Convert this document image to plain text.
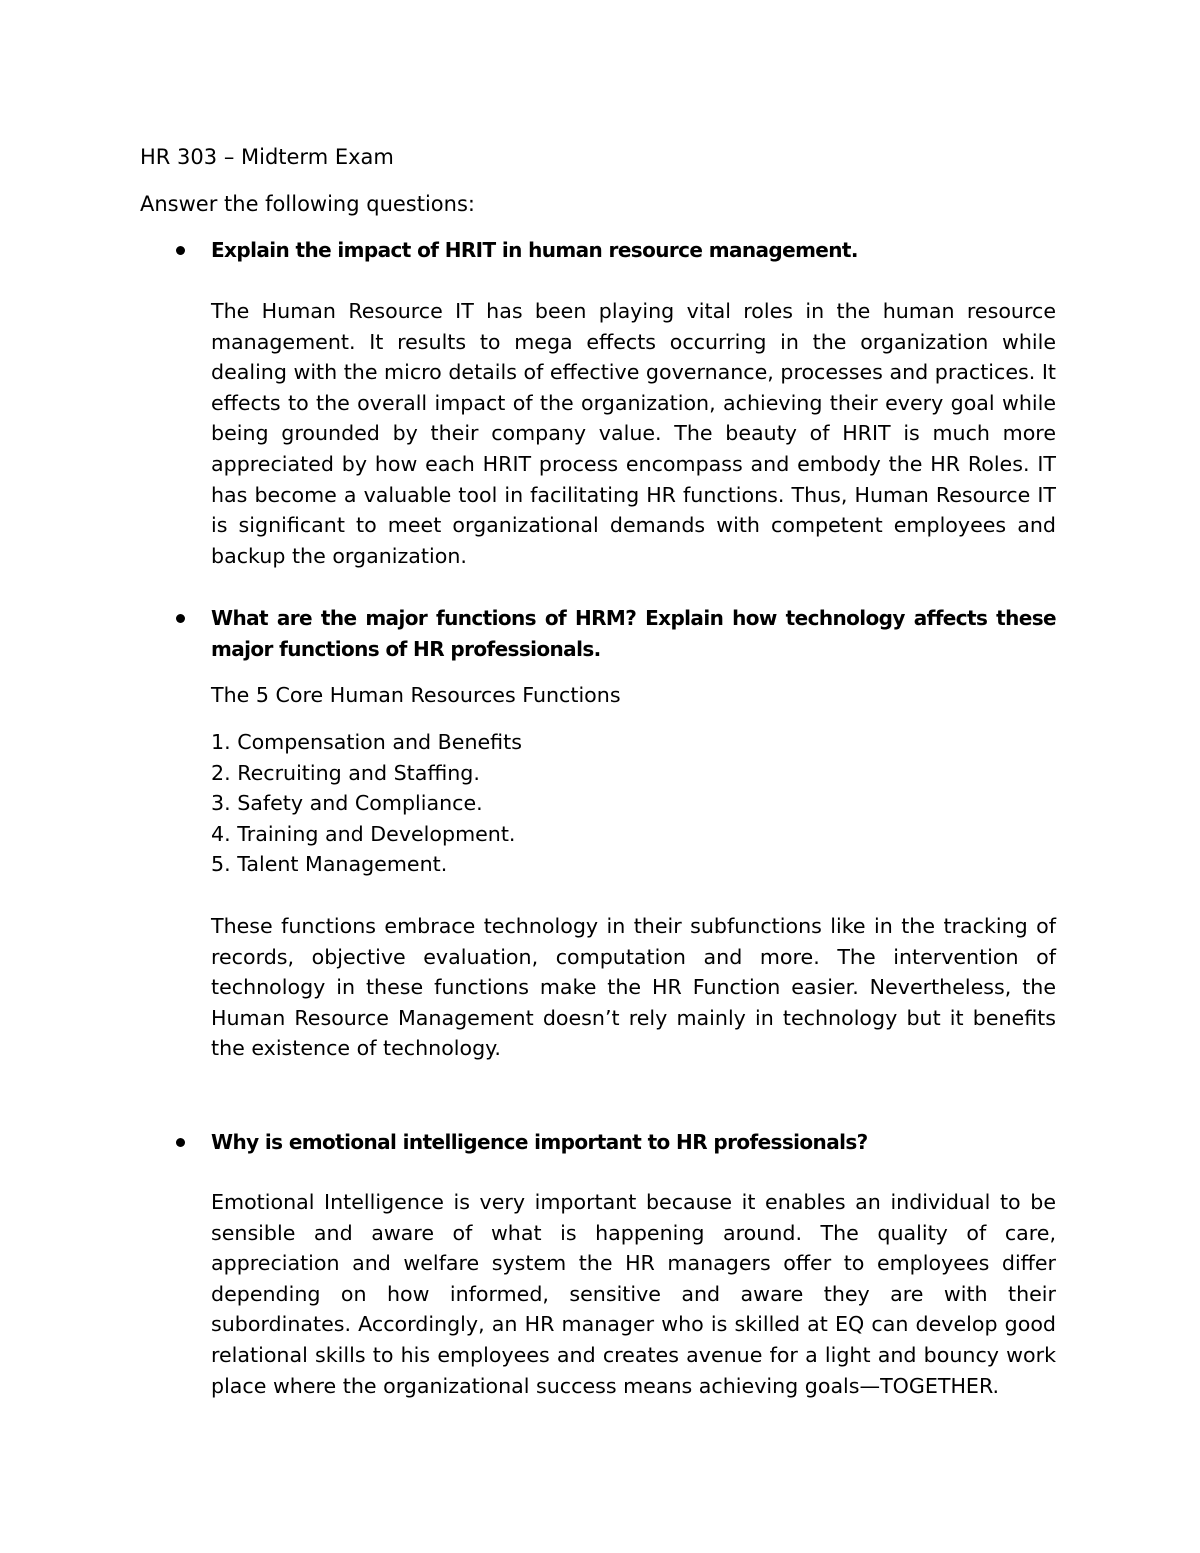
HR 303 – Midterm Exam
Answer the following questions:
Explain the impact of HRIT in human resource management.
The Human Resource IT has been playing vital roles in the human resource management. It results to mega effects occurring in the organization while dealing with the micro details of effective governance, processes and practices. It effects to the overall impact of the organization, achieving their every goal while being grounded by their company value. The beauty of HRIT is much more appreciated by how each HRIT process encompass and embody the HR Roles. IT has become a valuable tool in facilitating HR functions. Thus, Human Resource IT is significant to meet organizational demands with competent employees and backup the organization.
What are the major functions of HRM? Explain how technology affects these major functions of HR professionals.
The 5 Core Human Resources Functions
1. Compensation and Benefits
2. Recruiting and Staffing.
3. Safety and Compliance.
4. Training and Development.
5. Talent Management.
These functions embrace technology in their subfunctions like in the tracking of records, objective evaluation, computation and more. The intervention of technology in these functions make the HR Function easier. Nevertheless, the Human Resource Management doesn’t rely mainly in technology but it benefits the existence of technology.
Why is emotional intelligence important to HR professionals?
Emotional Intelligence is very important because it enables an individual to be sensible and aware of what is happening around. The quality of care, appreciation and welfare system the HR managers offer to employees differ depending on how informed, sensitive and aware they are with their subordinates. Accordingly, an HR manager who is skilled at EQ can develop good relational skills to his employees and creates avenue for a light and bouncy work place where the organizational success means achieving goals—TOGETHER.
